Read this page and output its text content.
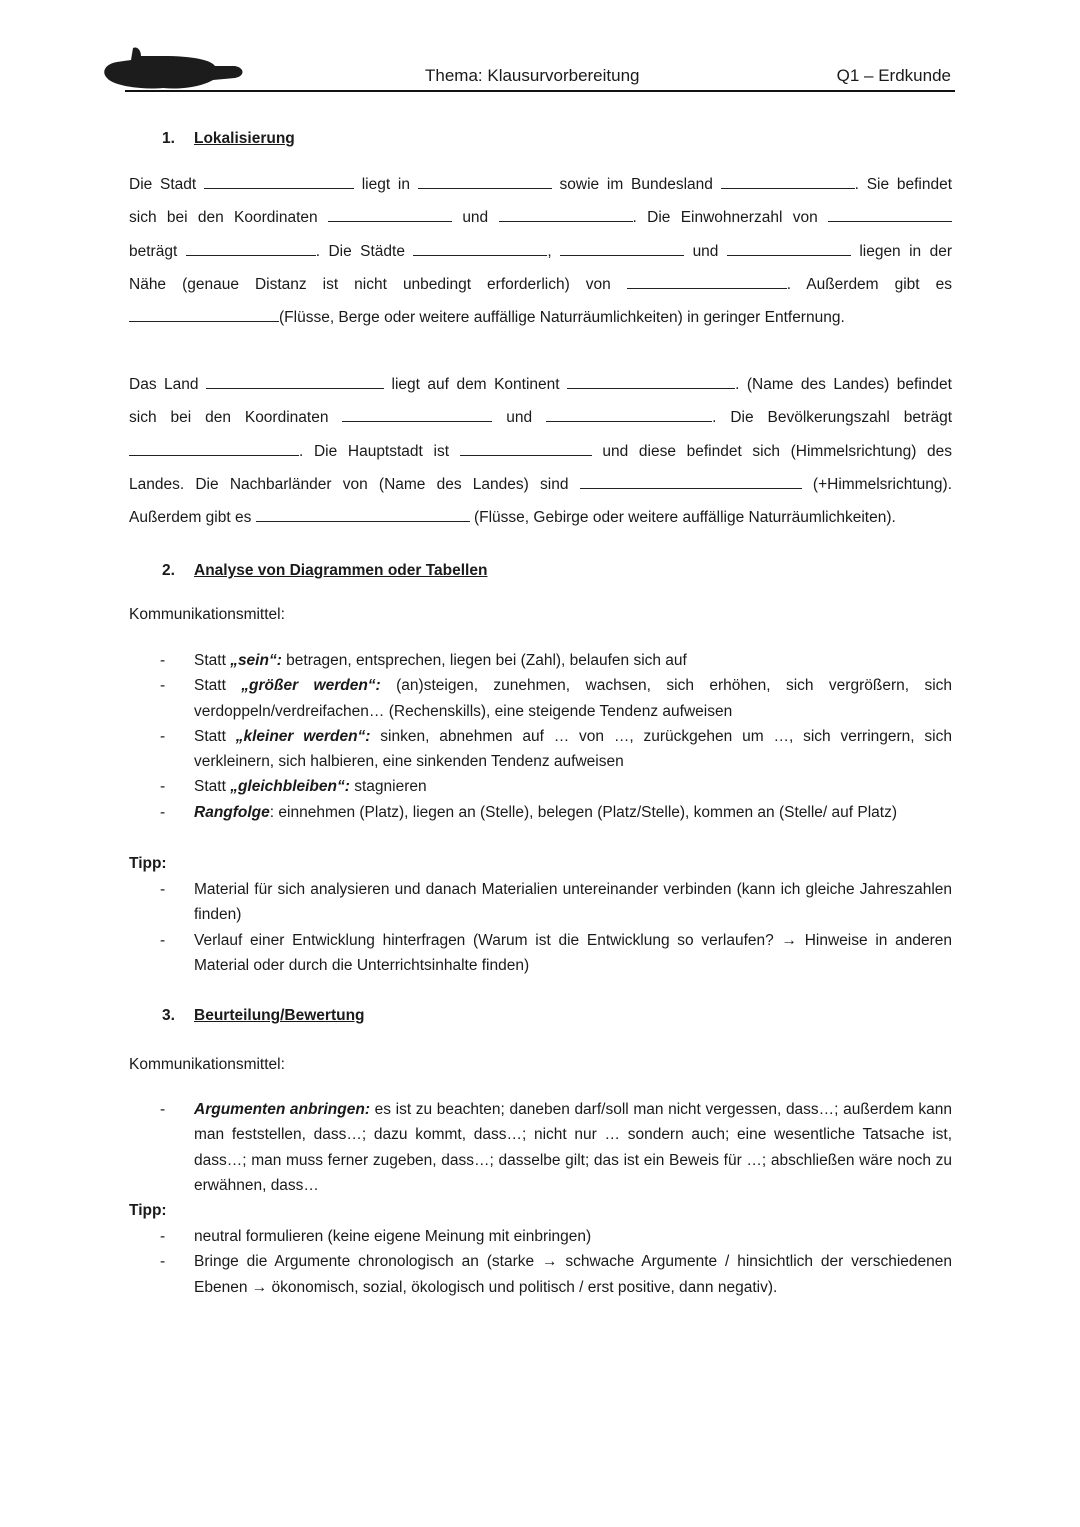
Thema: Klausurvorbereitung	Q1 – Erdkunde
1. Lokalisierung
Die Stadt	liegt in	sowie im Bundesland	. Sie befindet
sich bei den Koordinaten	und	. Die Einwohnerzahl von
beträgt	. Die Städte	,	und	liegen in der
Nähe (genaue Distanz ist nicht unbedingt erforderlich) von	. Außerdem gibt es
(Flüsse, Berge oder weitere auffällige Naturräumlichkeiten) in geringer Entfernung.
Das Land	liegt auf dem Kontinent	. (Name des Landes) befindet
sich bei den Koordinaten	und	. Die Bevölkerungszahl beträgt
. Die Hauptstadt ist	und diese befindet sich (Himmelsrichtung) des
Landes. Die Nachbarländer von (Name des Landes) sind	(+Himmelsrichtung).
Außerdem gibt es	(Flüsse, Gebirge oder weitere auffällige Naturräumlichkeiten).
2. Analyse von Diagrammen oder Tabellen
Kommunikationsmittel:
- Statt „sein“: betragen, entsprechen, liegen bei (Zahl), belaufen sich auf
- Statt „größer werden“: (an)steigen, zunehmen, wachsen, sich erhöhen, sich vergrößern, sich verdoppeln/verdreifachen… (Rechenskills), eine steigende Tendenz aufweisen
- Statt „kleiner werden“: sinken, abnehmen auf … von …, zurückgehen um …, sich verringern, sich verkleinern, sich halbieren, eine sinkenden Tendenz aufweisen
- Statt „gleichbleiben“: stagnieren
- Rangfolge: einnehmen (Platz), liegen an (Stelle), belegen (Platz/Stelle), kommen an (Stelle/ auf Platz)
Tipp:
- Material für sich analysieren und danach Materialien untereinander verbinden (kann ich gleiche Jahreszahlen finden)
- Verlauf einer Entwicklung hinterfragen (Warum ist die Entwicklung so verlaufen? → Hinweise in anderen Material oder durch die Unterrichtsinhalte finden)
3. Beurteilung/Bewertung
Kommunikationsmittel:
- Argumenten anbringen: es ist zu beachten; daneben darf/soll man nicht vergessen, dass…; außerdem kann man feststellen, dass…; dazu kommt, dass…; nicht nur … sondern auch; eine wesentliche Tatsache ist, dass…; man muss ferner zugeben, dass…; dasselbe gilt; das ist ein Beweis für …; abschließen wäre noch zu erwähnen, dass…
Tipp:
- neutral formulieren (keine eigene Meinung mit einbringen)
- Bringe die Argumente chronologisch an (starke → schwache Argumente / hinsichtlich der verschiedenen Ebenen → ökonomisch, sozial, ökologisch und politisch / erst positive, dann negativ).
